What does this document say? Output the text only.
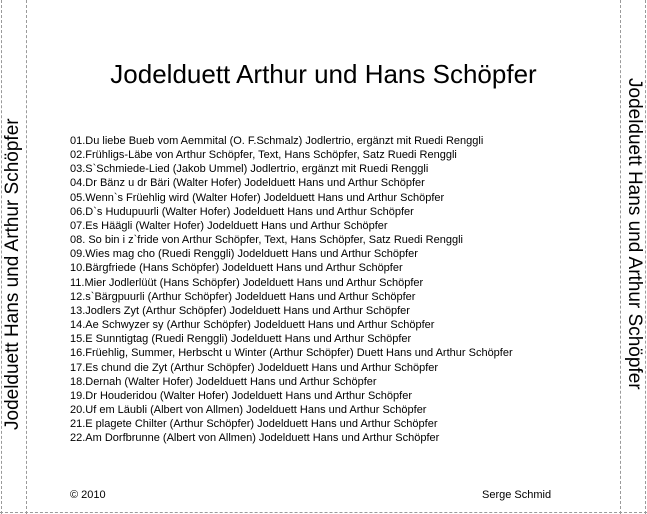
Jodelduett Hans und Arthur Schöpfer	Jodelduett Hans und Arthur Schöpfer
Jodelduett Arthur und Hans Schöpfer
01.Du liebe Bueb vom Aemmital (O. F.Schmalz) Jodlertrio, ergänzt mit Ruedi Renggli
02.Frühligs-Läbe von Arthur Schöpfer, Text, Hans Schöpfer, Satz Ruedi Renggli
03.S`Schmiede-Lied (Jakob Ummel) Jodlertrio, ergänzt mit Ruedi Renggli
04.Dr Bänz u dr Bäri (Walter Hofer) Jodelduett Hans und Arthur Schöpfer
05.Wenn`s Früehlig wird (Walter Hofer) Jodelduett Hans und Arthur Schöpfer
06.D`s Hudupuurli (Walter Hofer) Jodelduett Hans und Arthur Schöpfer
07.Es Häägli (Walter Hofer) Jodelduett Hans und Arthur Schöpfer
08. So bin i z`fride von Arthur Schöpfer, Text, Hans Schöpfer, Satz Ruedi Renggli
09.Wies mag cho (Ruedi Renggli) Jodelduett Hans und Arthur Schöpfer
10.Bärgfriede (Hans Schöpfer) Jodelduett Hans und Arthur Schöpfer
11.Mier Jodlerlüüt (Hans Schöpfer) Jodelduett Hans und Arthur Schöpfer
12.s`Bärgpuurli (Arthur Schöpfer) Jodelduett Hans und Arthur Schöpfer
13.Jodlers Zyt (Arthur Schöpfer) Jodelduett Hans und Arthur Schöpfer
14.Ae Schwyzer sy (Arthur Schöpfer) Jodelduett Hans und Arthur Schöpfer
15.E Sunntigtag (Ruedi Renggli) Jodelduett Hans und Arthur Schöpfer
16.Früehlig, Summer, Herbscht u Winter (Arthur Schöpfer) Duett Hans und Arthur Schöpfer
17.Es chund die Zyt (Arthur Schöpfer) Jodelduett Hans und Arthur Schöpfer
18.Dernah (Walter Hofer) Jodelduett Hans und Arthur Schöpfer
19.Dr Houderidou (Walter Hofer) Jodelduett Hans und Arthur Schöpfer
20.Uf em Läubli (Albert von Allmen) Jodelduett Hans und Arthur Schöpfer
21.E plagete Chilter (Arthur Schöpfer) Jodelduett Hans und Arthur Schöpfer
22.Am Dorfbrunne (Albert von Allmen) Jodelduett Hans und Arthur Schöpfer
© 2010	Serge Schmid
